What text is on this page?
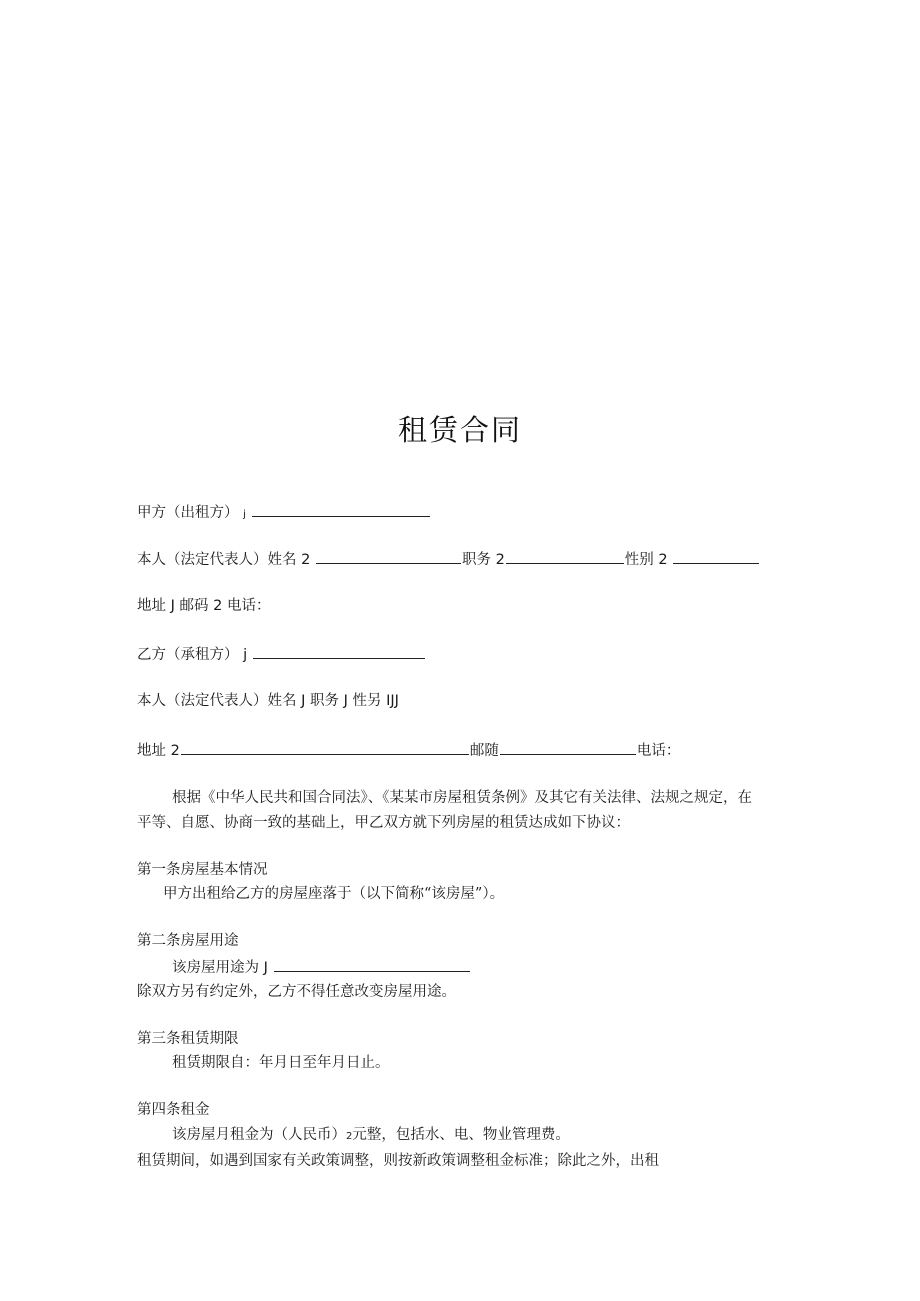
租赁合同
甲方（出租方） j
本人（法定代表人）姓名 2	职务 2	性别 2
地址 J 邮码 2 电话：
乙方（承租方） j
本人（法定代表人）姓名 J 职务 J 性另 IJJ
地址 2	邮随	电话：
根据《中华人民共和国合同法》、《某某市房屋租赁条例》及其它有关法律、法规之规定，在
平等、自愿、协商一致的基础上，甲乙双方就下列房屋的租赁达成如下协议：
第一条房屋基本情况
甲方出租给乙方的房屋座落于（以下简称“该房屋”）。
第二条房屋用途
该房屋用途为 J
除双方另有约定外，乙方不得任意改变房屋用途。
第三条租赁期限
租赁期限自：年月日至年月日止。
第四条租金
该房屋月租金为（人民币）2元整，包括水、电、物业管理费。
租赁期间，如遇到国家有关政策调整，则按新政策调整租金标准；除此之外，出租
